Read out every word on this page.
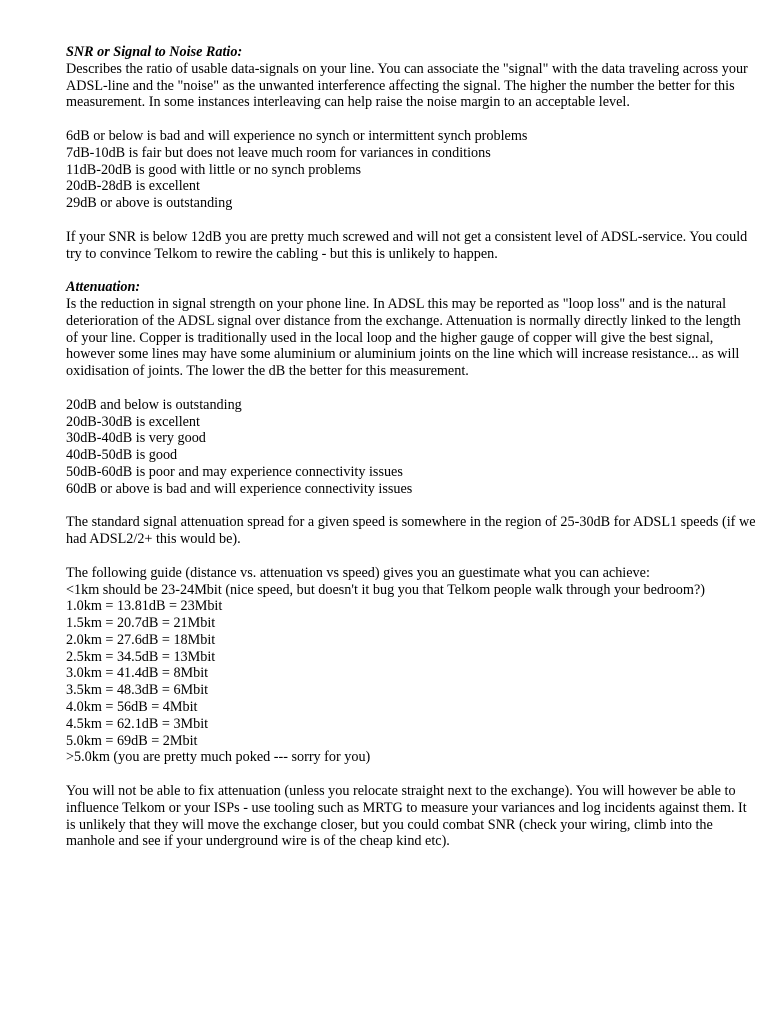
SNR or Signal to Noise Ratio:

Describes the ratio of usable data-signals on your line. You can associate the "signal" with the data traveling across your ADSL-line and the "noise" as the unwanted interference affecting the signal. The higher the number the better for this measurement. In some instances interleaving can help raise the noise margin to an acceptable level.

6dB or below is bad and will experience no synch or intermittent synch problems
7dB-10dB is fair but does not leave much room for variances in conditions
11dB-20dB is good with little or no synch problems
20dB-28dB is excellent
29dB or above is outstanding

If your SNR is below 12dB you are pretty much screwed and will not get a consistent level of ADSL-service. You could try to convince Telkom to rewire the cabling - but this is unlikely to happen.

Attenuation:

Is the reduction in signal strength on your phone line. In ADSL this may be reported as "loop loss" and is the natural deterioration of the ADSL signal over distance from the exchange. Attenuation is normally directly linked to the length of your line. Copper is traditionally used in the local loop and the higher gauge of copper will give the best signal, however some lines may have some aluminium or aluminium joints on the line which will increase resistance... as will oxidisation of joints. The lower the dB the better for this measurement.

20dB and below is outstanding
20dB-30dB is excellent
30dB-40dB is very good
40dB-50dB is good
50dB-60dB is poor and may experience connectivity issues
60dB or above is bad and will experience connectivity issues

The standard signal attenuation spread for a given speed is somewhere in the region of 25-30dB for ADSL1 speeds (if we had ADSL2/2+ this would be).

The following guide (distance vs. attenuation vs speed) gives you an guestimate what you can achieve:

<1km should be 23-24Mbit (nice speed, but doesn't it bug you that Telkom people walk through your bedroom?)
1.0km = 13.81dB = 23Mbit
1.5km = 20.7dB = 21Mbit
2.0km = 27.6dB = 18Mbit
2.5km = 34.5dB = 13Mbit
3.0km = 41.4dB = 8Mbit
3.5km = 48.3dB = 6Mbit
4.0km = 56dB = 4Mbit
4.5km = 62.1dB = 3Mbit
5.0km = 69dB = 2Mbit
>5.0km (you are pretty much poked --- sorry for you)

You will not be able to fix attenuation (unless you relocate straight next to the exchange). You will however be able to influence Telkom or your ISPs - use tooling such as MRTG to measure your variances and log incidents against them. It is unlikely that they will move the exchange closer, but you could combat SNR (check your wiring, climb into the manhole and see if your underground wire is of the cheap kind etc).
